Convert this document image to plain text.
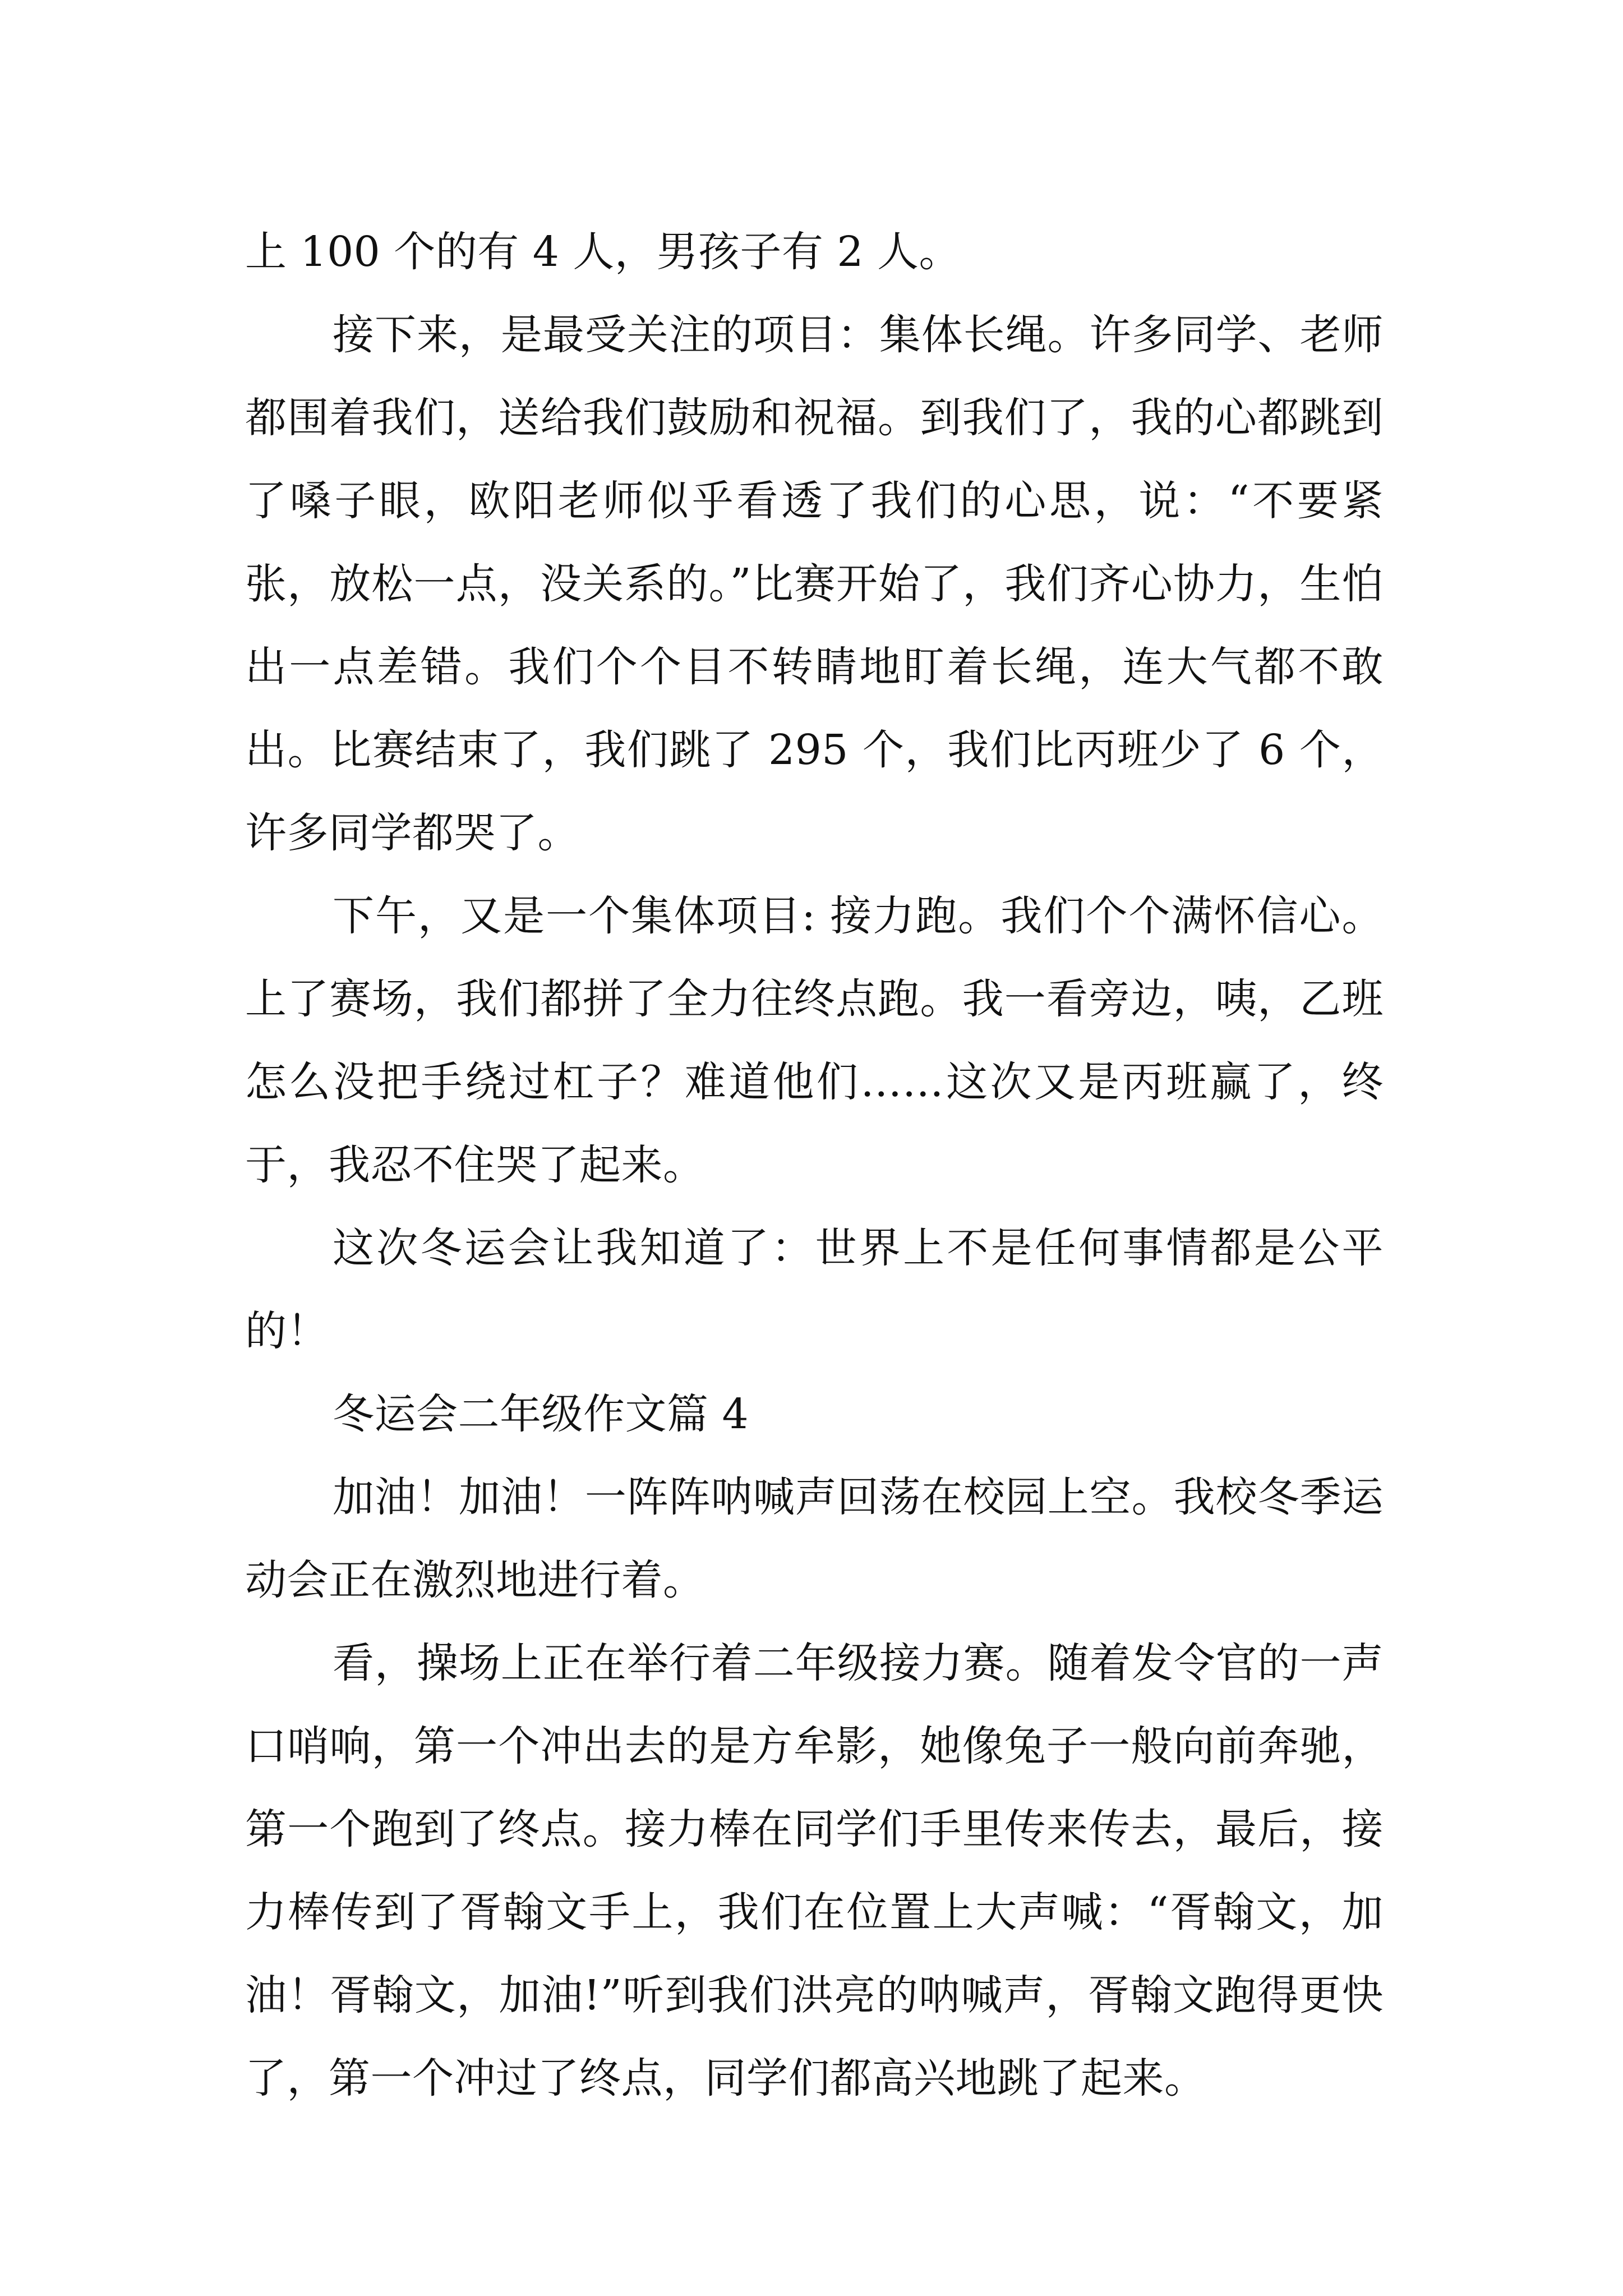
上 100 个的有 4 人，男孩子有 2 人。

接下来，是最受关注的项目：集体长绳。许多同学、老师都围着我们，送给我们鼓励和祝福。到我们了，我的心都跳到了嗓子眼，欧阳老师似乎看透了我们的心思，说：“不要紧张，放松一点，没关系的。”比赛开始了，我们齐心协力，生怕出一点差错。我们个个目不转睛地盯着长绳，连大气都不敢出。比赛结束了，我们跳了 295 个，我们比丙班少了 6 个，许多同学都哭了。

下午，又是一个集体项目: 接力跑。我们个个满怀信心。上了赛场，我们都拼了全力往终点跑。我一看旁边，咦，乙班怎么没把手绕过杠子？难道他们……这次又是丙班赢了，终于，我忍不住哭了起来。

这次冬运会让我知道了：世界上不是任何事情都是公平的！

冬运会二年级作文篇 4

加油！加油！一阵阵呐喊声回荡在校园上空。我校冬季运动会正在激烈地进行着。

看，操场上正在举行着二年级接力赛。随着发令官的一声口哨响，第一个冲出去的是方牟影，她像兔子一般向前奔驰，第一个跑到了终点。接力棒在同学们手里传来传去，最后，接力棒传到了胥翰文手上，我们在位置上大声喊：“胥翰文，加油！胥翰文，加油!”听到我们洪亮的呐喊声，胥翰文跑得更快了，第一个冲过了终点，同学们都高兴地跳了起来。
